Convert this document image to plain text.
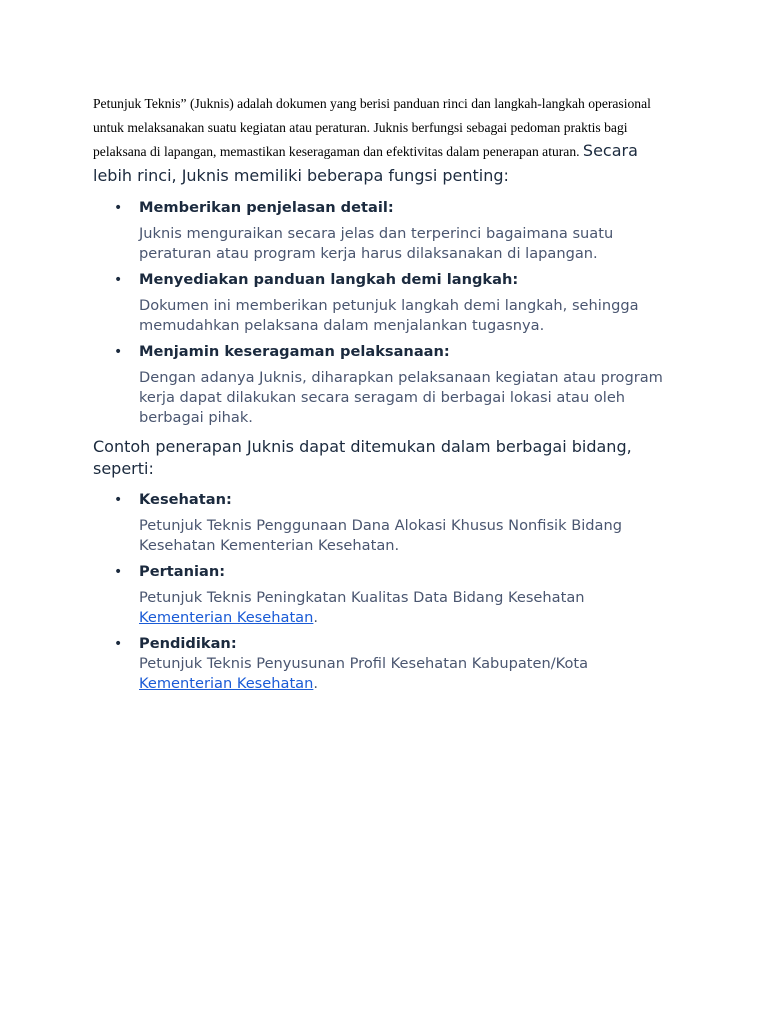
Petunjuk Teknis” (Juknis) adalah dokumen yang berisi panduan rinci dan langkah-langkah operasional untuk melaksanakan suatu kegiatan atau peraturan. Juknis berfungsi sebagai pedoman praktis bagi pelaksana di lapangan, memastikan keseragaman dan efektivitas dalam penerapan aturan. Secara lebih rinci, Juknis memiliki beberapa fungsi penting:

• Memberikan penjelasan detail:

Juknis menguraikan secara jelas dan terperinci bagaimana suatu peraturan atau program kerja harus dilaksanakan di lapangan.

• Menyediakan panduan langkah demi langkah:

Dokumen ini memberikan petunjuk langkah demi langkah, sehingga memudahkan pelaksana dalam menjalankan tugasnya.

• Menjamin keseragaman pelaksanaan:

Dengan adanya Juknis, diharapkan pelaksanaan kegiatan atau program kerja dapat dilakukan secara seragam di berbagai lokasi atau oleh berbagai pihak.

Contoh penerapan Juknis dapat ditemukan dalam berbagai bidang, seperti:

• Kesehatan:

Petunjuk Teknis Penggunaan Dana Alokasi Khusus Nonfisik Bidang Kesehatan Kementerian Kesehatan.

• Pertanian:

Petunjuk Teknis Peningkatan Kualitas Data Bidang Kesehatan Kementerian Kesehatan.

• Pendidikan:

Petunjuk Teknis Penyusunan Profil Kesehatan Kabupaten/Kota Kementerian Kesehatan.
